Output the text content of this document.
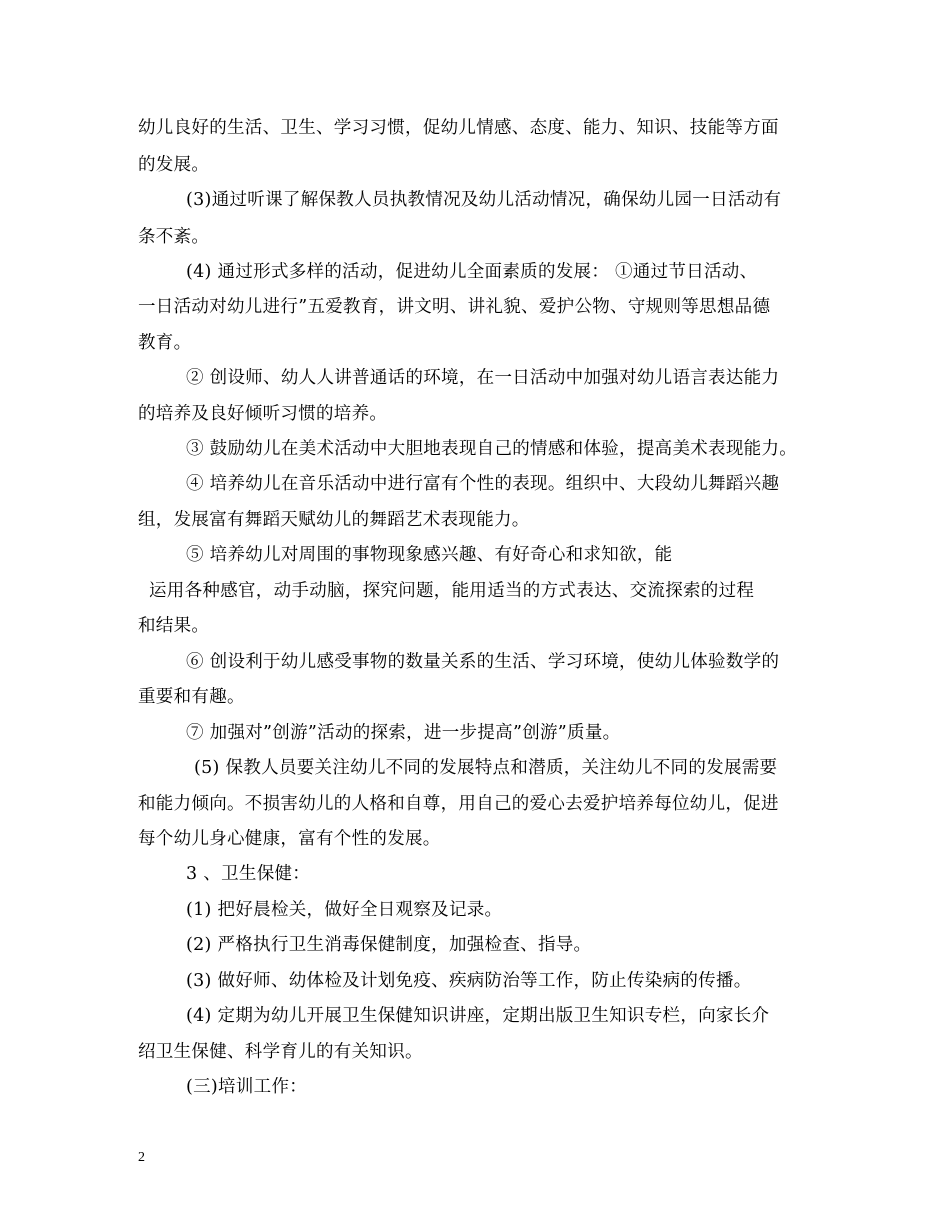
幼儿良好的生活、卫生、学习习惯，促幼儿情感、态度、能力、知识、技能等方面
的发展。
(3)通过听课了解保教人员执教情况及幼儿活动情况，确保幼儿园一日活动有
条不紊。
(4) 通过形式多样的活动，促进幼儿全面素质的发展： ①通过节日活动、
一日活动对幼儿进行”五爱教育，讲文明、讲礼貌、爱护公物、守规则等思想品德
教育。
② 创设师、幼人人讲普通话的环境，在一日活动中加强对幼儿语言表达能力
的培养及良好倾听习惯的培养。
③ 鼓励幼儿在美术活动中大胆地表现自己的情感和体验，提高美术表现能力。
④ 培养幼儿在音乐活动中进行富有个性的表现。组织中、大段幼儿舞蹈兴趣
组，发展富有舞蹈天赋幼儿的舞蹈艺术表现能力。
⑤ 培养幼儿对周围的事物现象感兴趣、有好奇心和求知欲，能
运用各种感官，动手动脑，探究问题，能用适当的方式表达、交流探索的过程
和结果。
⑥ 创设利于幼儿感受事物的数量关系的生活、学习环境，使幼儿体验数学的
重要和有趣。
⑦ 加强对”创游”活动的探索，进一步提高”创游”质量。
(5) 保教人员要关注幼儿不同的发展特点和潜质，关注幼儿不同的发展需要
和能力倾向。不损害幼儿的人格和自尊，用自己的爱心去爱护培养每位幼儿，促进
每个幼儿身心健康，富有个性的发展。
3 、卫生保健：
(1) 把好晨检关，做好全日观察及记录。
(2) 严格执行卫生消毒保健制度，加强检查、指导。
(3) 做好师、幼体检及计划免疫、疾病防治等工作，防止传染病的传播。
(4) 定期为幼儿开展卫生保健知识讲座，定期出版卫生知识专栏，向家长介
绍卫生保健、科学育儿的有关知识。
(三)培训工作：
2
